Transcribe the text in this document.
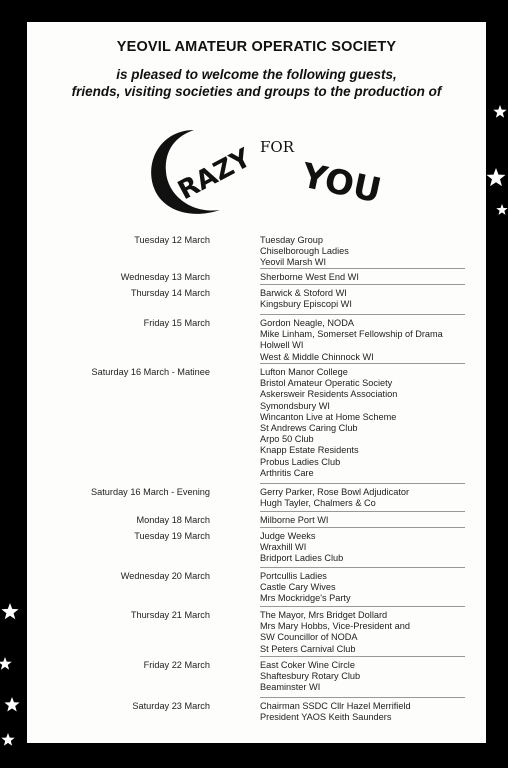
YEOVIL AMATEUR OPERATIC SOCIETY
is pleased to welcome the following guests,
friends, visiting societies and groups to the production of
RAZY FOR
YOU
Tuesday 12 March	Tuesday Group
Chiselborough Ladies
Yeovil Marsh WI
Wednesday 13 March	Sherborne West End WI
Thursday 14 March	Barwick & Stoford WI
Kingsbury Episcopi WI
Friday 15 March	Gordon Neagle, NODA
Mike Linham, Somerset Fellowship of Drama
Holwell WI
West & Middle Chinnock WI
Saturday 16 March - Matinee	Lufton Manor College
Bristol Amateur Operatic Society
Askersweir Residents Association
Symondsbury WI
Wincanton Live at Home Scheme
St Andrews Caring Club
Arpo 50 Club
Knapp Estate Residents
Probus Ladies Club
Arthritis Care
Saturday 16 March - Evening	Gerry Parker, Rose Bowl Adjudicator
Hugh Tayler, Chalmers & Co
Monday 18 March	Milborne Port WI
Tuesday 19 March	Judge Weeks
Wraxhill WI
Bridport Ladies Club
Wednesday 20 March	Portcullis Ladies
Castle Cary Wives
Mrs Mockridge's Party
Thursday 21 March	The Mayor, Mrs Bridget Dollard
Mrs Mary Hobbs, Vice-President and
SW Councillor of NODA
St Peters Carnival Club
Friday 22 March	East Coker Wine Circle
Shaftesbury Rotary Club
Beaminster WI
Saturday 23 March	Chairman SSDC Cllr Hazel Merrifield
President YAOS Keith Saunders
